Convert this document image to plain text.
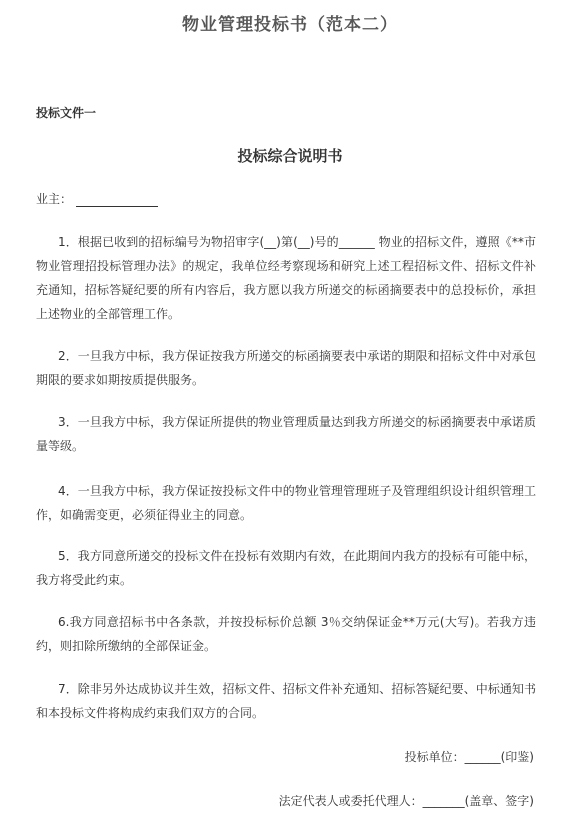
物业管理投标书（范本二）
投标文件一
投标综合说明书
业主：
1．根据已收到的招标编号为物招审字(__)第(__)号的______ 物业的招标文件，遵照《**市物业管理招投标管理办法》的规定，我单位经考察现场和研究上述工程招标文件、招标文件补充通知，招标答疑纪要的所有内容后，我方愿以我方所递交的标函摘要表中的总投标价，承担上述物业的全部管理工作。
2．一旦我方中标，我方保证按我方所递交的标函摘要表中承诺的期限和招标文件中对承包期限的要求如期按质提供服务。
3．一旦我方中标，我方保证所提供的物业管理质量达到我方所递交的标函摘要表中承诺质量等级。
4．一旦我方中标，我方保证按投标文件中的物业管理管理班子及管理组织设计组织管理工作，如确需变更，必须征得业主的同意。
5．我方同意所递交的投标文件在投标有效期内有效，在此期间内我方的投标有可能中标，我方将受此约束。
6.我方同意招标书中各条款，并按投标标价总额 3％交纳保证金**万元(大写)。若我方违约，则扣除所缴纳的全部保证金。
7．除非另外达成协议并生效，招标文件、招标文件补充通知、招标答疑纪要、中标通知书和本投标文件将构成约束我们双方的合同。
投标单位：______(印鉴)
法定代表人或委托代理人：_______(盖章、签字)
